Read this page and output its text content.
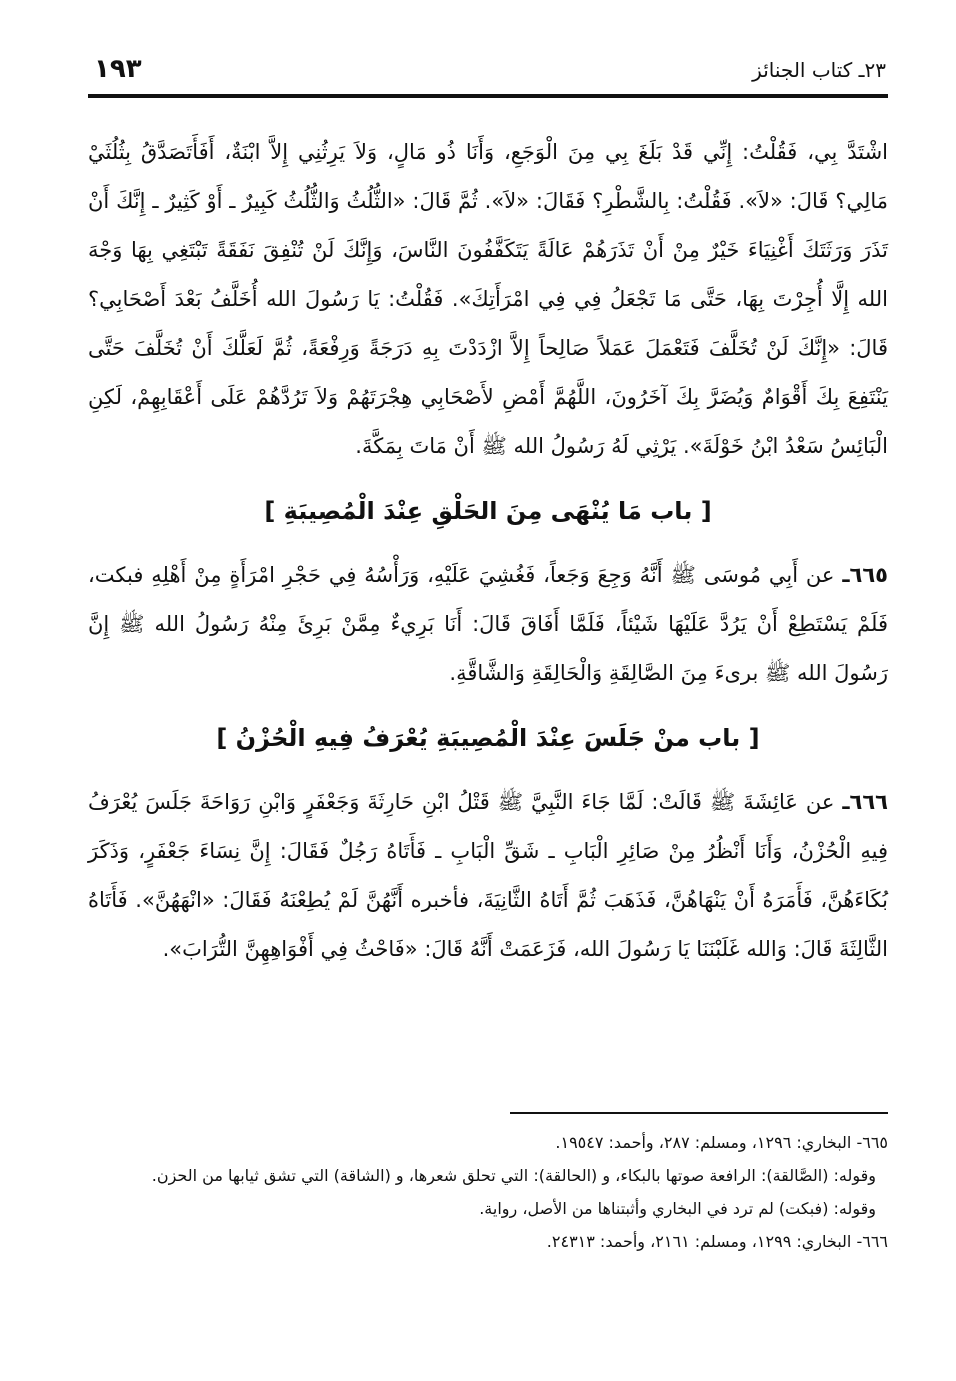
١٩٣	٢٣ـ كتاب الجنائز

اشْتَدَّ بِي، فَقُلْتُ: إِنِّي قَدْ بَلَغَ بِي مِنَ الْوَجَعِ، وَأَنَا ذُو مَالٍ، وَلاَ يَرِثُنِي إِلاَّ ابْنَةٌ، أَفَأَتَصَدَّقُ بِثُلُثَيْ مَالِي؟ قَالَ: «لاَ». فَقُلْتُ: بِالشَّطْرِ؟ فَقَالَ: «لاَ». ثُمَّ قَالَ: «الثُّلُثُ وَالثُّلُثُ كَبِيرٌ ـ أَوْ كَثِيرٌ ـ إِنَّكَ أَنْ تَذَرَ وَرَثَتَكَ أَغْنِيَاءَ خَيْرٌ مِنْ أَنْ تَذَرَهُمْ عَالَةً يَتَكَفَّفُونَ النَّاسَ، وَإِنَّكَ لَنْ تُنْفِقَ نَفَقَةً تَبْتَغِي بِهَا وَجْهَ الله إِلَّا أُجِرْتَ بِهَا، حَتَّى مَا تَجْعَلُ فِي فِي امْرَأَتِكَ». فَقُلْتُ: يَا رَسُولَ الله أُخَلَّفُ بَعْدَ أَصْحَابِي؟ قَالَ: «إِنَّكَ لَنْ تُخَلَّفَ فَتَعْمَلَ عَمَلاً صَالِحاً إِلاَّ ازْدَدْتَ بِهِ دَرَجَةً وَرِفْعَةً، ثُمَّ لَعَلَّكَ أَنْ تُخَلَّفَ حَتَّى يَنْتَفِعَ بِكَ أَقْوَامٌ وَيُضَرَّ بِكَ آخَرُونَ، اللَّهُمَّ أَمْضِ لأَصْحَابِي هِجْرَتَهُمْ وَلاَ تَرُدَّهُمْ عَلَى أَعْقَابِهِمْ، لَكِنِ الْبَائِسُ سَعْدُ ابْنُ خَوْلَةَ». يَرْثِي لَهُ رَسُولُ الله ﷺ أَنْ مَاتَ بِمَكَّةَ.

[ باب مَا يُنْهَى مِنَ الحَلْقِ عِنْدَ الْمُصِيبَةِ ]

٦٦٥ـ عن أَبِي مُوسَى ﷺ أَنَّهُ وَجِعَ وَجَعاً، فَغُشِيَ عَلَيْهِ، وَرَأْسُهُ فِي حَجْرِ امْرَأَةٍ مِنْ أَهْلِهِ فبكت، فَلَمْ يَسْتَطِعْ أَنْ يَرُدَّ عَلَيْهَا شَيْئاً، فَلَمَّا أَفَاقَ قَالَ: أَنَا بَرِيءٌ مِمَّنْ بَرِئَ مِنْهُ رَسُولُ الله ﷺ إِنَّ رَسُولَ الله ﷺ برىءَ مِنَ الصَّالِقَةِ وَالْحَالِقَةِ وَالشَّاقَّةِ.

[ باب منْ جَلَسَ عِنْدَ الْمُصِيبَةِ يُعْرَفُ فِيهِ الْحُزْنُ ]

٦٦٦ـ عن عَائِشَةَ ﷺ قَالَتْ: لَمَّا جَاءَ النَّبِيَّ ﷺ قَتْلُ ابْنِ حَارِثَةَ وَجَعْفَرٍ وَابْنِ رَوَاحَةَ جَلَسَ يُعْرَفُ فِيهِ الْحُزْنُ، وَأَنَا أَنْظُرُ مِنْ صَائِرِ الْبَابِ ـ شَقِّ الْبَابِ ـ فَأَتَاهُ رَجُلٌ فَقَالَ: إِنَّ نِسَاءَ جَعْفَرٍ، وَذَكَرَ بُكَاءَهُنَّ، فَأَمَرَهُ أَنْ يَنْهَاهُنَّ، فَذَهَبَ ثُمَّ أَتَاهُ الثَّانِيَةَ، فأخبره أَنَّهُنَّ لَمْ يُطِعْنَهُ فَقَالَ: «انْهَهُنَّ». فَأَتَاهُ الثَّالِثَةَ قَالَ: وَالله غَلَبْنَنَا يَا رَسُولَ الله، فَزَعَمَتْ أَنَّهُ قَالَ: «فَاحْثُ فِي أَفْوَاهِهِنَّ التُّرَابَ».

٦٦٥- البخاري: ١٢٩٦، ومسلم: ٢٨٧، وأحمد: ١٩٥٤٧.

وقوله: (الصَّالقة): الرافعة صوتها بالبكاء، و (الحالقة): التي تحلق شعرها، و (الشاقة) التي تشق ثيابها من الحزن.

وقوله: (فبكت) لم ترد في البخاري وأثبتناها من الأصل، رواية.

٦٦٦- البخاري: ١٢٩٩، ومسلم: ٢١٦١، وأحمد: ٢٤٣١٣.
